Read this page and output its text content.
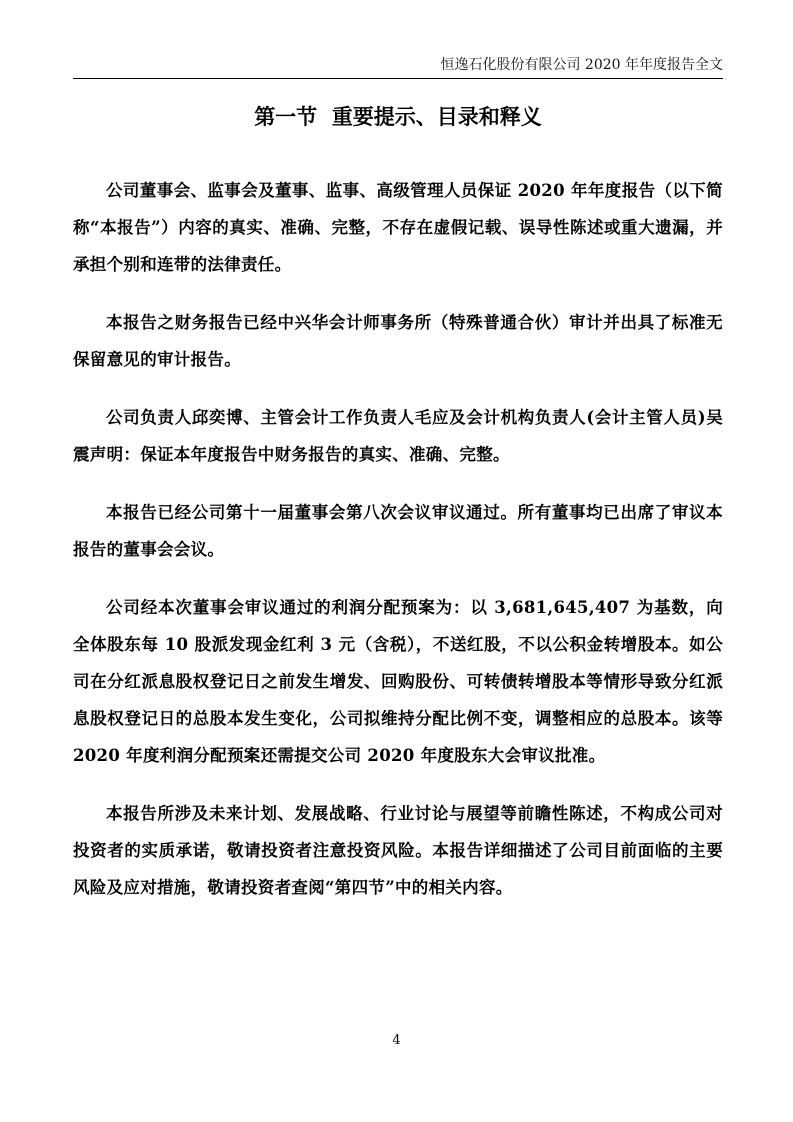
恒逸石化股份有限公司 2020 年年度报告全文
第一节  重要提示、目录和释义

公司董事会、监事会及董事、监事、高级管理人员保证 2020 年年度报告（以下简称“本报告”）内容的真实、准确、完整，不存在虚假记载、误导性陈述或重大遗漏，并承担个别和连带的法律责任。

本报告之财务报告已经中兴华会计师事务所（特殊普通合伙）审计并出具了标准无保留意见的审计报告。

公司负责人邱奕博、主管会计工作负责人毛应及会计机构负责人(会计主管人员)吴震声明：保证本年度报告中财务报告的真实、准确、完整。

本报告已经公司第十一届董事会第八次会议审议通过。所有董事均已出席了审议本报告的董事会会议。

公司经本次董事会审议通过的利润分配预案为：以 3,681,645,407 为基数，向全体股东每 10 股派发现金红利 3 元（含税），不送红股，不以公积金转增股本。如公司在分红派息股权登记日之前发生增发、回购股份、可转债转增股本等情形导致分红派息股权登记日的总股本发生变化，公司拟维持分配比例不变，调整相应的总股本。该等 2020 年度利润分配预案还需提交公司 2020 年度股东大会审议批准。

本报告所涉及未来计划、发展战略、行业讨论与展望等前瞻性陈述，不构成公司对投资者的实质承诺，敬请投资者注意投资风险。本报告详细描述了公司目前面临的主要风险及应对措施，敬请投资者查阅“第四节”中的相关内容。

4
